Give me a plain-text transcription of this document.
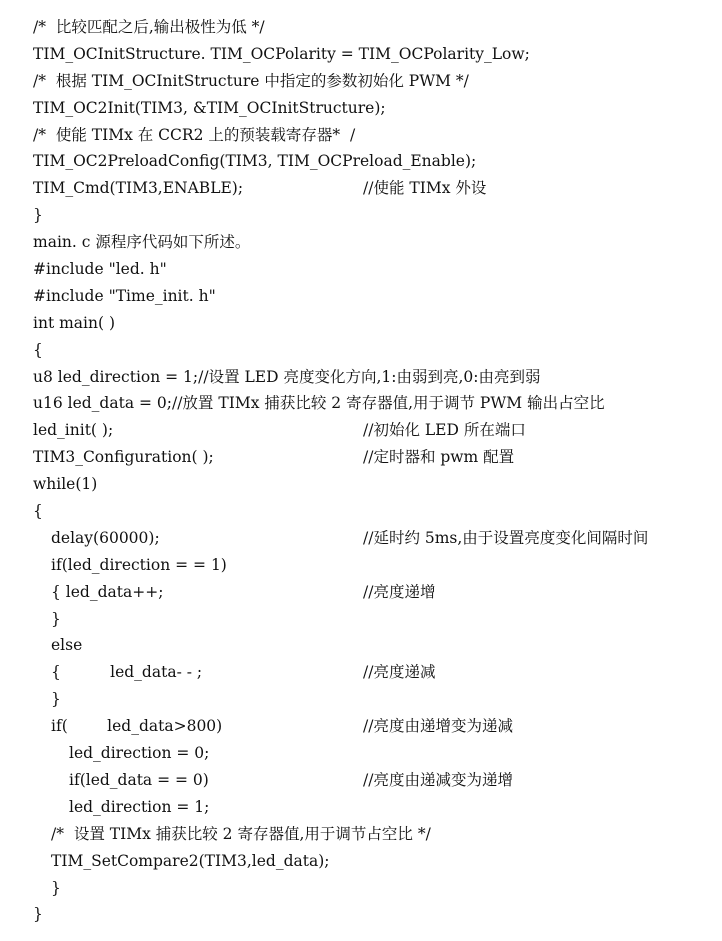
/*  比较匹配之后,输出极性为低 */
TIM_OCInitStructure. TIM_OCPolarity = TIM_OCPolarity_Low;
/*  根据 TIM_OCInitStructure 中指定的参数初始化 PWM */
TIM_OC2Init(TIM3, &TIM_OCInitStructure);
/*  使能 TIMx 在 CCR2 上的预装载寄存器*  /
TIM_OC2PreloadConfig(TIM3, TIM_OCPreload_Enable);
TIM_Cmd(TIM3,ENABLE);	//使能 TIMx 外设
}
main. c 源程序代码如下所述。
#include "led. h"
#include "Time_init. h"
int main( )
{
u8 led_direction = 1;//设置 LED 亮度变化方向,1:由弱到亮,0:由亮到弱
u16 led_data = 0;//放置 TIMx 捕获比较 2 寄存器值,用于调节 PWM 输出占空比
led_init( );	//初始化 LED 所在端口
TIM3_Configuration( );	//定时器和 pwm 配置
while(1)
{
delay(60000);	//延时约 5ms,由于设置亮度变化间隔时间
if(led_direction = = 1)
{ led_data++;	//亮度递增
}
else
{          led_data- - ;	//亮度递减
}
if(        led_data>800)	//亮度由递增变为递减
led_direction = 0;
if(led_data = = 0)	//亮度由递减变为递增
led_direction = 1;
/*  设置 TIMx 捕获比较 2 寄存器值,用于调节占空比 */
TIM_SetCompare2(TIM3,led_data);
}
}
